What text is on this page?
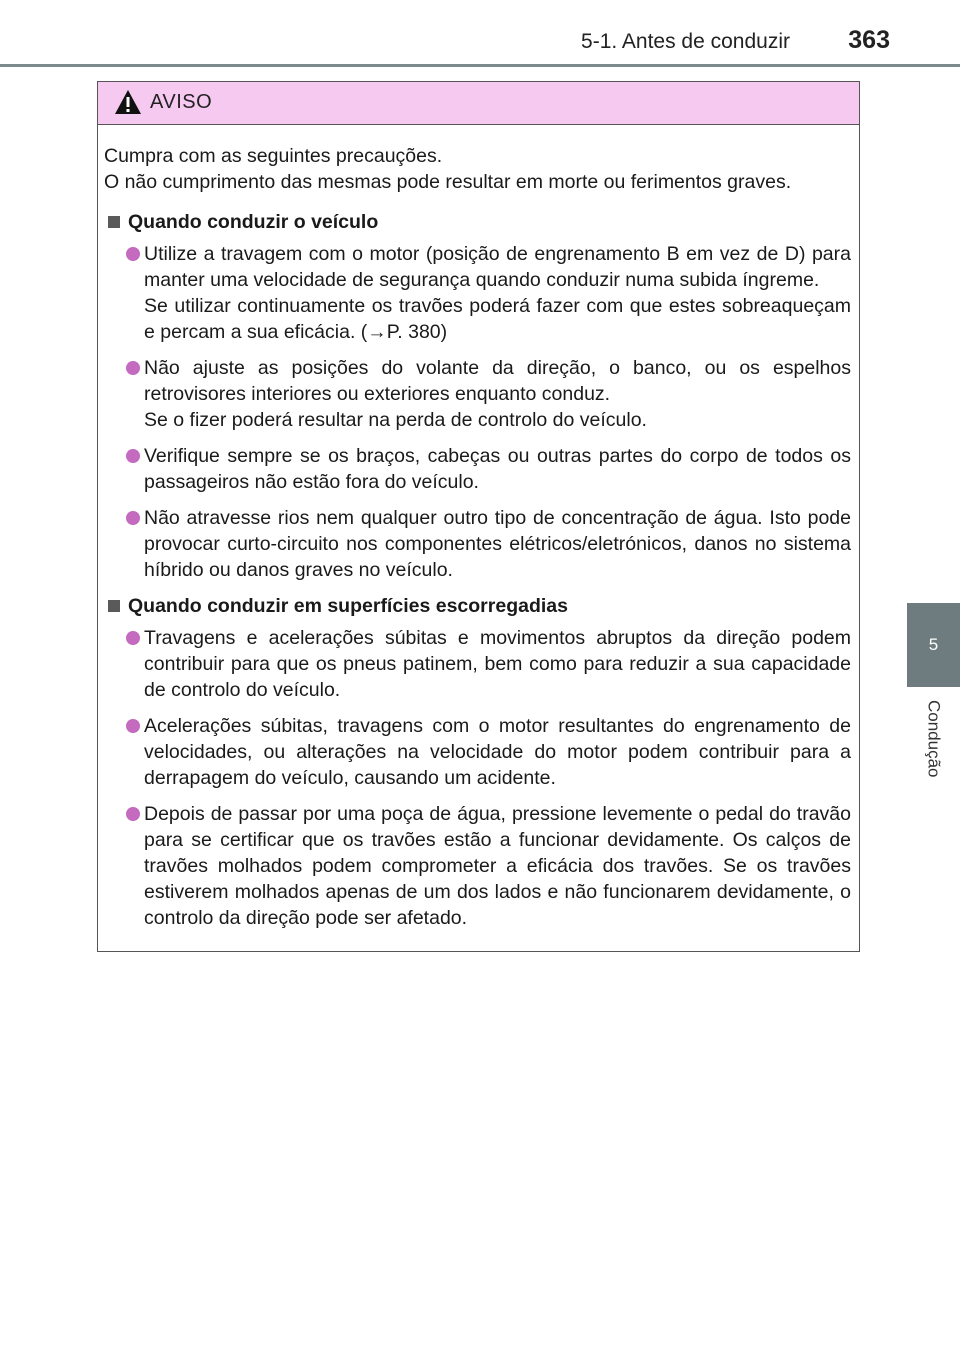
5-1. Antes de conduzir 363
5
Condução
AVISO

Cumpra com as seguintes precauções.

O não cumprimento das mesmas pode resultar em morte ou ferimentos graves.

Quando conduzir o veículo
Utilize a travagem com o motor (posição de engrenamento B em vez de D) para manter uma velocidade de segurança quando conduzir numa subida íngreme.
Se utilizar continuamente os travões poderá fazer com que estes sobreaqueçam e percam a sua eficácia. (→P. 380)
Não ajuste as posições do volante da direção, o banco, ou os espelhos retrovisores interiores ou exteriores enquanto conduz.
Se o fizer poderá resultar na perda de controlo do veículo.
Verifique sempre se os braços, cabeças ou outras partes do corpo de todos os passageiros não estão fora do veículo.
Não atravesse rios nem qualquer outro tipo de concentração de água. Isto pode provocar curto-circuito nos componentes elétricos/eletrónicos, danos no sistema híbrido ou danos graves no veículo.
Quando conduzir em superfícies escorregadias
Travagens e acelerações súbitas e movimentos abruptos da direção podem contribuir para que os pneus patinem, bem como para reduzir a sua capacidade de controlo do veículo.
Acelerações súbitas, travagens com o motor resultantes do engrenamento de velocidades, ou alterações na velocidade do motor podem contribuir para a derrapagem do veículo, causando um acidente.
Depois de passar por uma poça de água, pressione levemente o pedal do travão para se certificar que os travões estão a funcionar devidamente. Os calços de travões molhados podem comprometer a eficácia dos travões. Se os travões estiverem molhados apenas de um dos lados e não funcionarem devidamente, o controlo da direção pode ser afetado.
